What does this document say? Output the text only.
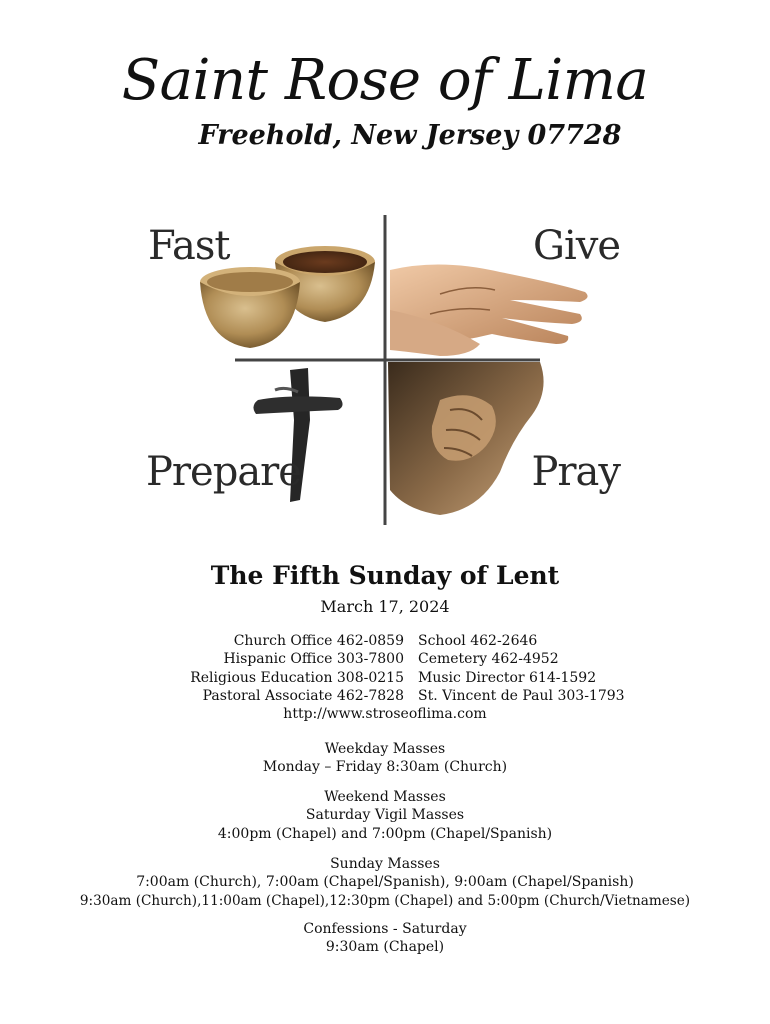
Saint Rose of Lima
Freehold, New Jersey 07728
Fast	Give
Prepare	Pray
The Fifth Sunday of Lent
March 17, 2024
Church Office 462-0859	School 462-2646
Hispanic Office 303-7800	Cemetery 462-4952
Religious Education 308-0215	Music Director 614-1592
Pastoral Associate 462-7828	St. Vincent de Paul 303-1793
http://www.stroseoflima.com
Weekday Masses
Monday – Friday 8:30am (Church)
Weekend Masses
Saturday Vigil Masses
4:00pm (Chapel) and 7:00pm (Chapel/Spanish)
Sunday Masses
7:00am (Church), 7:00am (Chapel/Spanish), 9:00am (Chapel/Spanish)
9:30am (Church),11:00am (Chapel),12:30pm (Chapel) and 5:00pm (Church/Vietnamese)
Confessions - Saturday
9:30am (Chapel)
